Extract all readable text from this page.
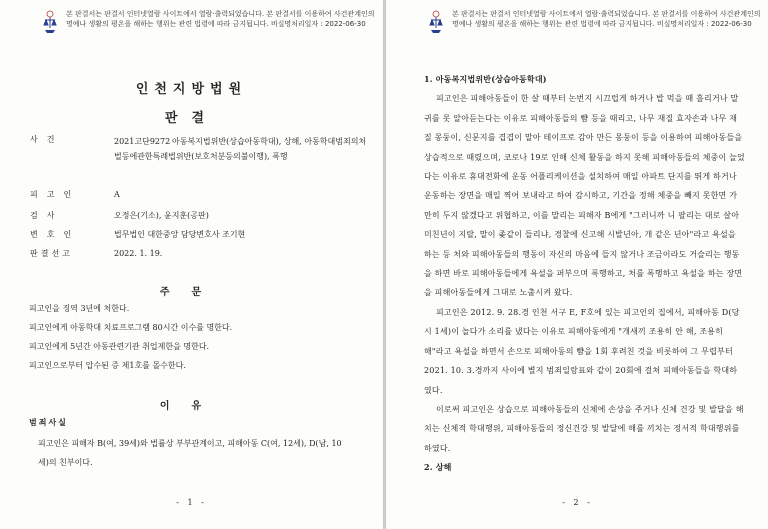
본 판결서는 판결서 인터넷열람 사이트에서 열람·출력되었습니다. 본 판결서를 이용하여 사건관계인의
명예나 생활의 평온을 해하는 행위는 관련 법령에 따라 금지됩니다. 비실명처리일자 : 2022-06-30
인천지방법원
판결
사건	2021고단9272 아동복지법위반(상습아동학대), 상해, 아동학대범죄의처벌등에관한특례법위반(보호처분등의불이행), 폭행
피고인	A
검사	오정은(기소), 윤지훈(공판)
변호인	법무법인 대한중앙 담당변호사 조기현
판결선고	2022. 1. 19.
주문
피고인을 징역 3년에 처한다.
피고인에게 아동학대 치료프로그램 80시간 이수를 명한다.
피고인에게 5년간 아동관련기관 취업제한을 명한다.
피고인으로부터 압수된 증 제1호를 몰수한다.
이유
범죄사실
피고인은 피해자 B(여, 39세)와 법률상 부부관계이고, 피해아동 C(여, 12세), D(남, 10세)의 친부이다.
- 1 -
본 판결서는 판결서 인터넷열람 사이트에서 열람·출력되었습니다. 본 판결서를 이용하여 사건관계인의
명예나 생활의 평온을 해하는 행위는 관련 법령에 따라 금지됩니다. 비실명처리일자 : 2022-06-30

1. 아동복지법위반(상습아동학대)

피고인은 피해아동들이 한 살 때부터 논번지 시끄럽게 하거나 밥 먹을 때 흘리거나 말귀를 못 알아듣는다는 이유로 피해아동들의 뺨 등을 때리고, 나무 재질 효자손과 나무 재질 몽둥이, 신문지를 겹겹이 말아 테이프로 감아 만든 몽둥이 등을 이용하여 피해아동들을 상습적으로 때렸으며, 코로나 19로 인해 신체 활동을 하지 못해 피해아동들의 체중이 늘었다는 이유로 휴대전화에 운동 어플리케이션을 설치하여 매일 아파트 단지를 뛰게 하거나 운동하는 장면을 매일 찍어 보내라고 하여 감시하고, 기간을 정해 체중을 빼지 못한면 가만히 두지 않겠다고 위협하고, 이를 말리는 피해자 B에게 "그러니까 니 팔리는 대로 살아 미친년이 지랄, 말이 좆같이 들리냐, 경찰에 신고해 시발년아, 개 같은 년아"라고 욕설을 하는 등 처와 피해아동들의 행동이 자신의 마음에 들지 않거나 조금이라도 거슬리는 행동을 하면 바로 피해아동들에게 욕설을 퍼부으며 폭행하고, 처를 폭행하고 욕설을 하는 장면을 피해아동들에게 그대로 노출시켜 왔다.

피고인은 2012. 9. 28.경 인천 서구 E, F호에 있는 피고인의 집에서, 피해아동 D(당시 1세)이 놀다가 소리를 냈다는 이유로 피해아동에게 "개새끼 조용히 안 해, 조용히 해"라고 욕설을 하면서 손으로 피해아동의 뺨을 1회 후려친 것을 비롯하여 그 무렵부터 2021. 10. 3.경까지 사이에 별지 범죄일람표와 같이 20회에 걸쳐 피해아동들을 학대하였다.

이로써 피고인은 상습으로 피해아동들의 신체에 손상을 주거나 신체 건강 및 발달을 해치는 신체적 학대행위, 피해아동들의 정신건강 및 발달에 해를 끼치는 정서적 학대행위를 하였다.

2. 상해

- 2 -
